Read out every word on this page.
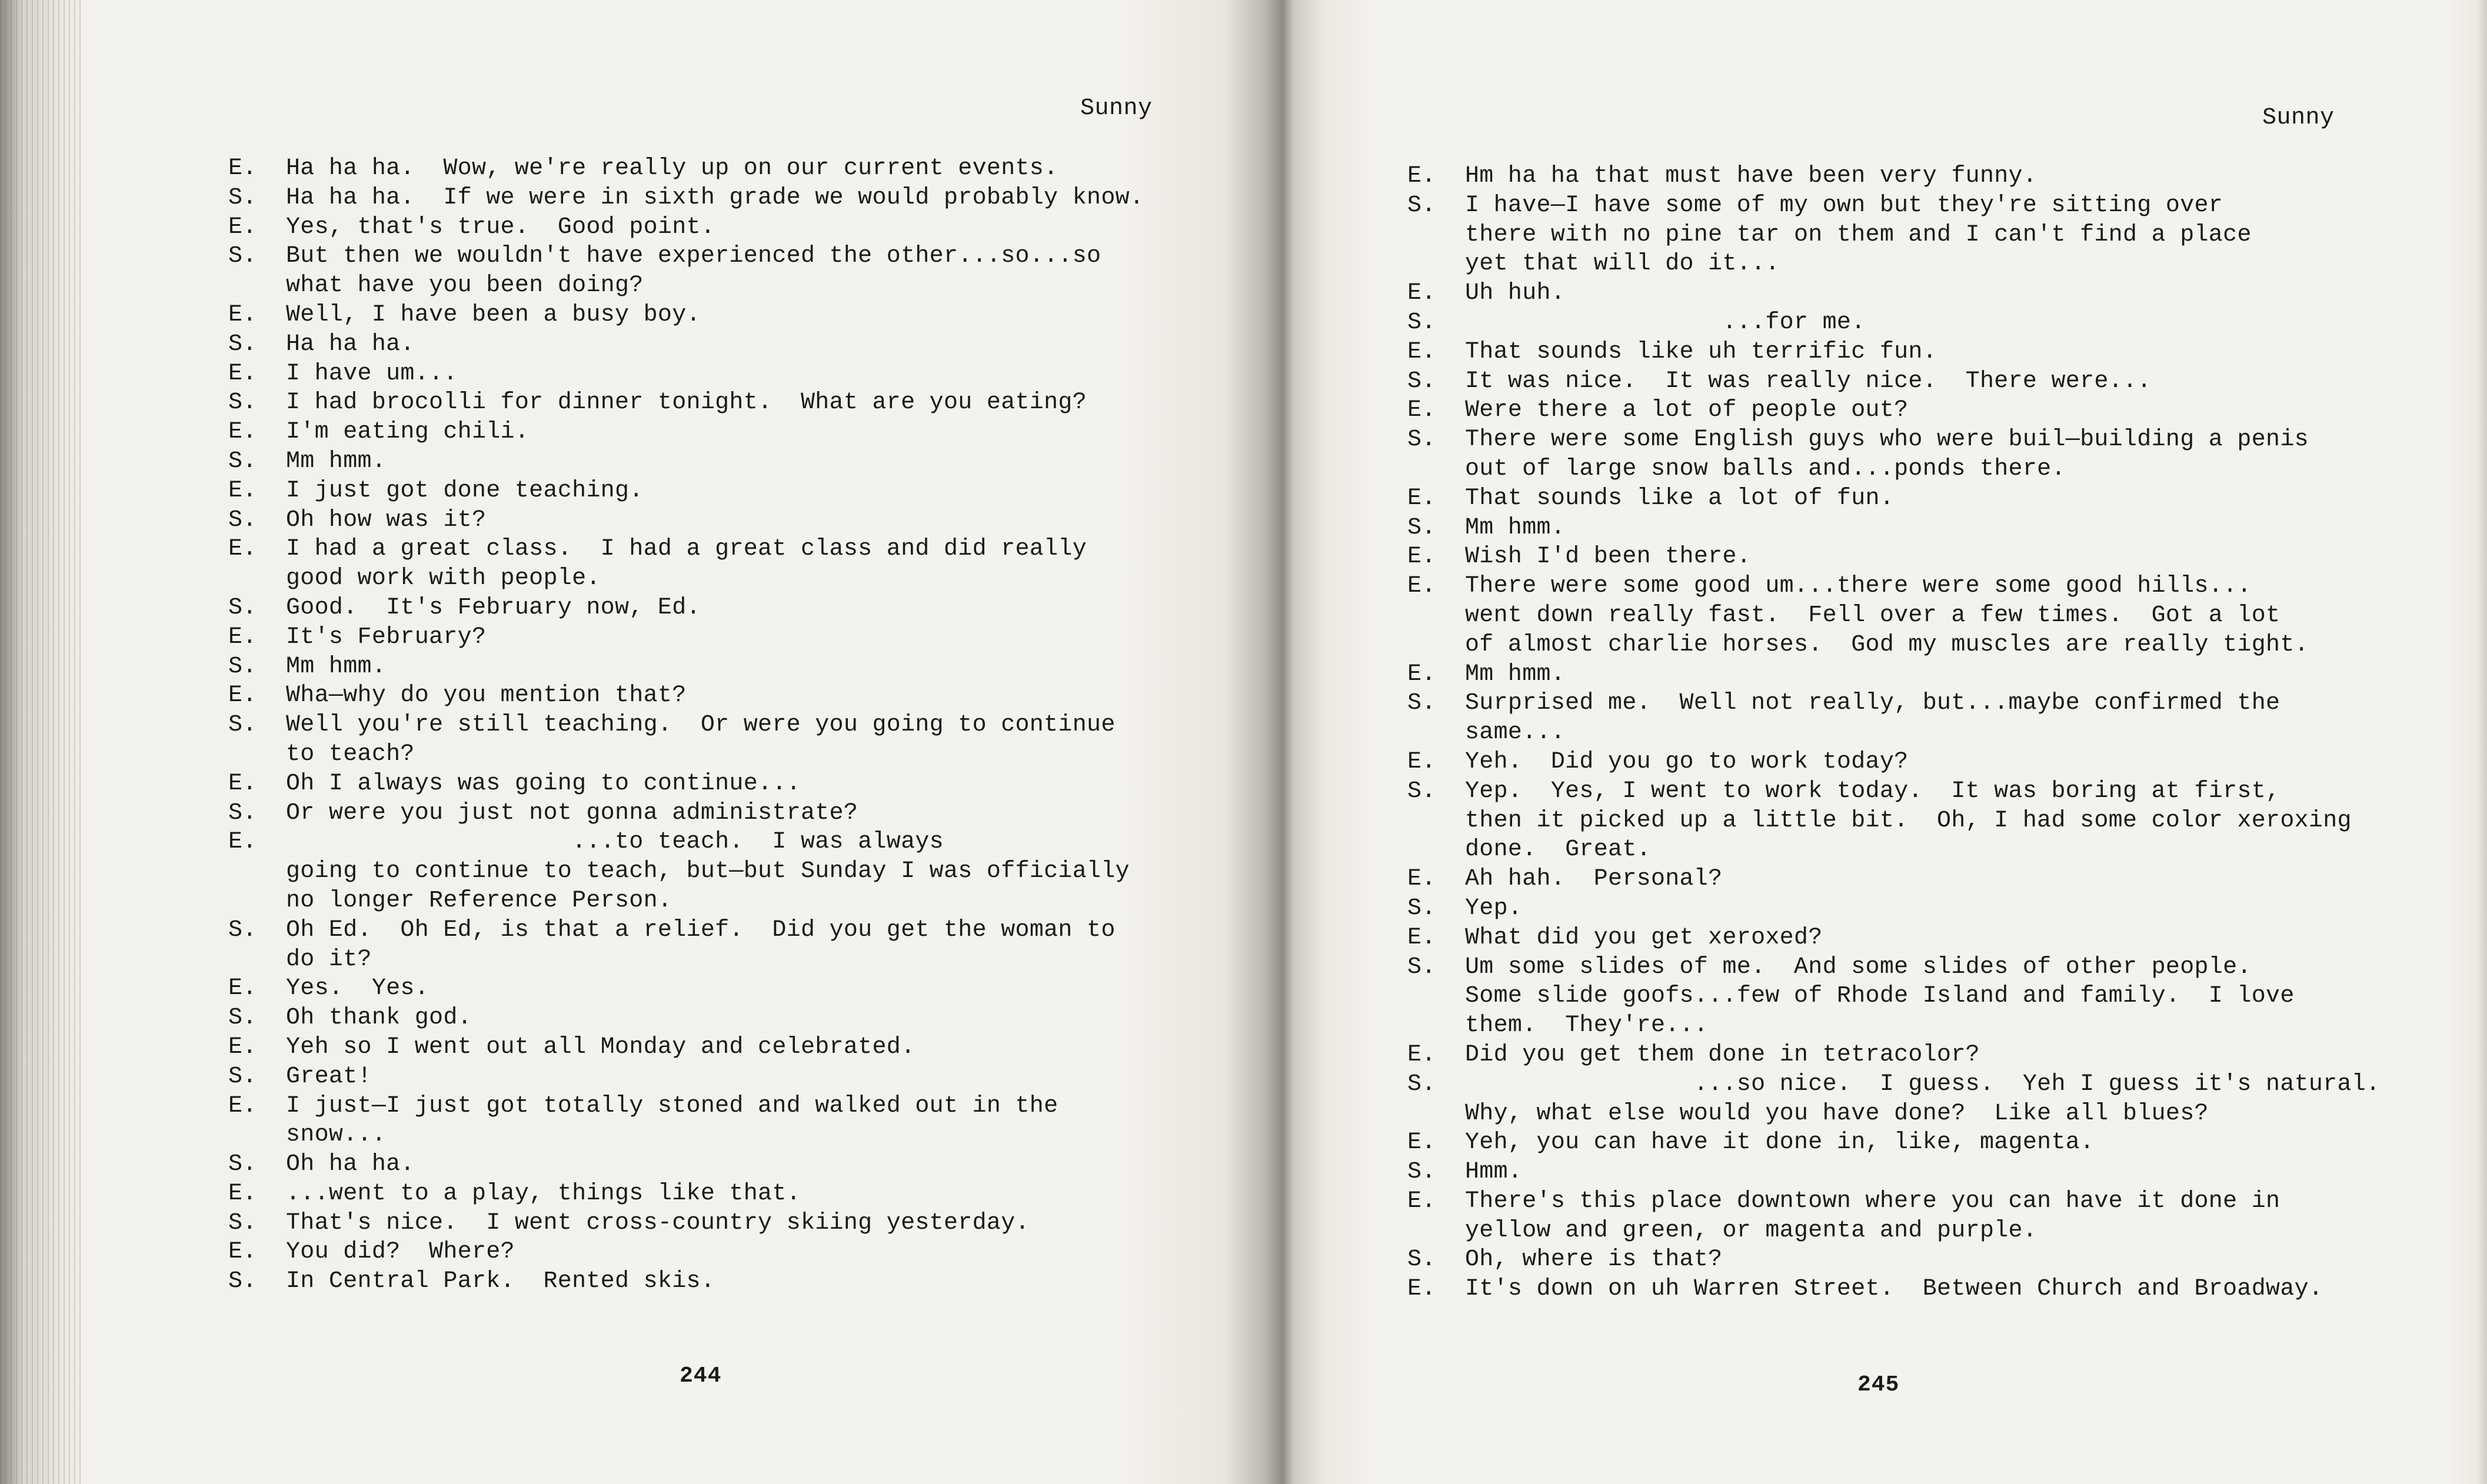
Sunny
E.	Ha ha ha.  Wow, we're really up on our current events.
S.	Ha ha ha.  If we were in sixth grade we would probably know.
E.	Yes, that's true.  Good point.
S.	But then we wouldn't have experienced the other...so...so
what have you been doing?
E.	Well, I have been a busy boy.
S.	Ha ha ha.
E.	I have um...
S.	I had brocolli for dinner tonight.  What are you eating?
E.	I'm eating chili.
S.	Mm hmm.
E.	I just got done teaching.
S.	Oh how was it?
E.	I had a great class.  I had a great class and did really
good work with people.
S.	Good.  It's February now, Ed.
E.	It's February?
S.	Mm hmm.
E.	Wha—why do you mention that?
S.	Well you're still teaching.  Or were you going to continue
to teach?
E.	Oh I always was going to continue...
S.	Or were you just not gonna administrate?
E.	...to teach.  I was always
going to continue to teach, but—but Sunday I was officially
no longer Reference Person.
S.	Oh Ed.  Oh Ed, is that a relief.  Did you get the woman to
do it?
E.	Yes.  Yes.
S.	Oh thank god.
E.	Yeh so I went out all Monday and celebrated.
S.	Great!
E.	I just—I just got totally stoned and walked out in the
snow...
S.	Oh ha ha.
E.	...went to a play, things like that.
S.	That's nice.  I went cross-country skiing yesterday.
E.	You did?  Where?
S.	In Central Park.  Rented skis.
244
Sunny
E.	Hm ha ha that must have been very funny.
S.	I have—I have some of my own but they're sitting over
there with no pine tar on them and I can't find a place
yet that will do it...
E.	Uh huh.
S.	...for me.
E.	That sounds like uh terrific fun.
S.	It was nice.  It was really nice.  There were...
E.	Were there a lot of people out?
S.	There were some English guys who were buil—building a penis
out of large snow balls and...ponds there.
E.	That sounds like a lot of fun.
S.	Mm hmm.
E.	Wish I'd been there.
E.	There were some good um...there were some good hills...
went down really fast.  Fell over a few times.  Got a lot
of almost charlie horses.  God my muscles are really tight.
E.	Mm hmm.
S.	Surprised me.  Well not really, but...maybe confirmed the
same...
E.	Yeh.  Did you go to work today?
S.	Yep.  Yes, I went to work today.  It was boring at first,
then it picked up a little bit.  Oh, I had some color xeroxing
done.  Great.
E.	Ah hah.  Personal?
S.	Yep.
E.	What did you get xeroxed?
S.	Um some slides of me.  And some slides of other people.
Some slide goofs...few of Rhode Island and family.  I love
them.  They're...
E.	Did you get them done in tetracolor?
S.	...so nice.  I guess.  Yeh I guess it's natural.
Why, what else would you have done?  Like all blues?
E.	Yeh, you can have it done in, like, magenta.
S.	Hmm.
E.	There's this place downtown where you can have it done in
yellow and green, or magenta and purple.
S.	Oh, where is that?
E.	It's down on uh Warren Street.  Between Church and Broadway.
245
